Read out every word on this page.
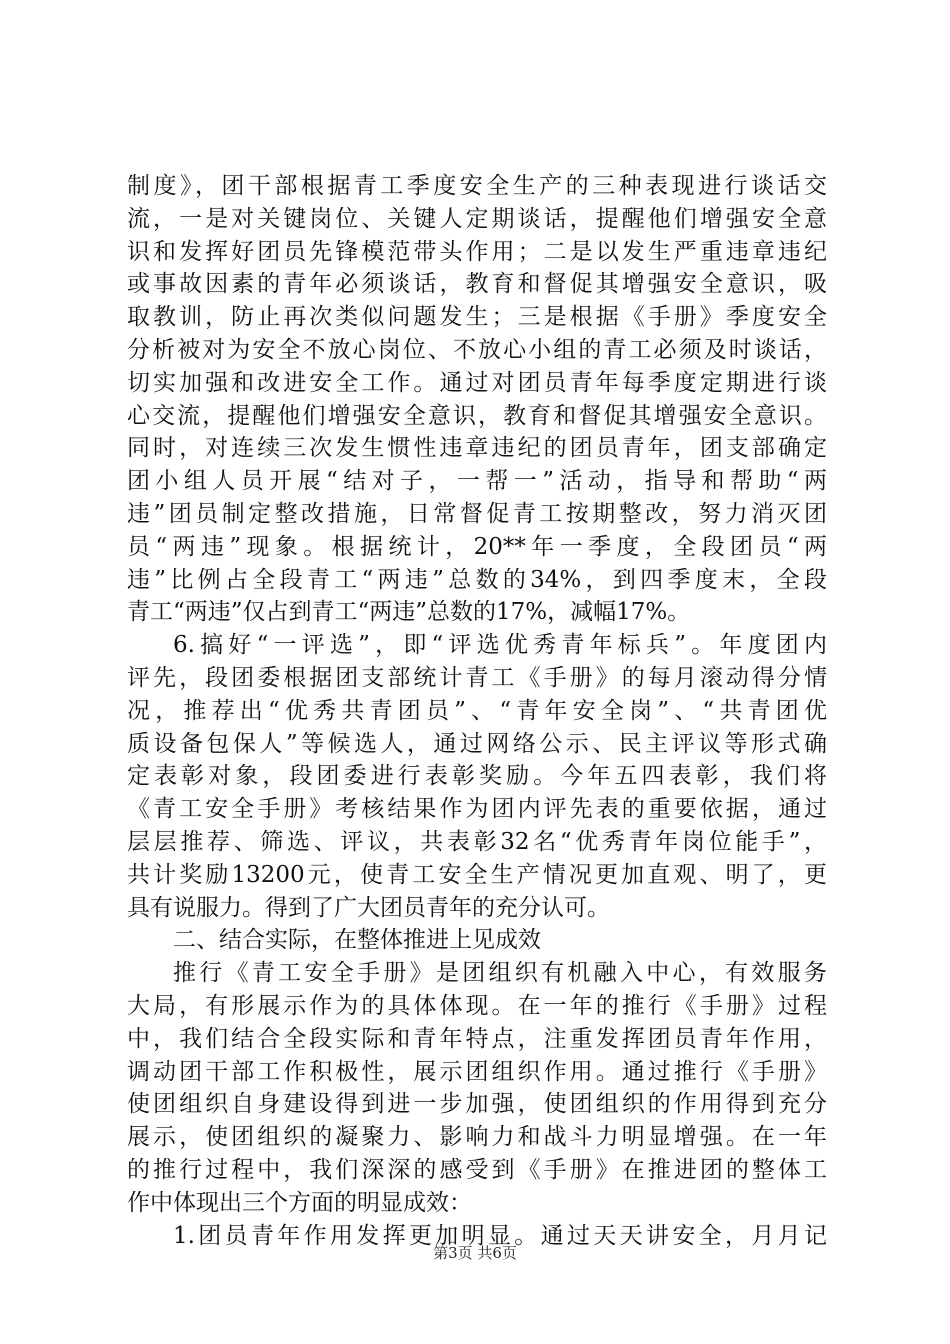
制度》，团干部根据青工季度安全生产的三种表现进行谈话交
流，一是对关键岗位、关键人定期谈话，提醒他们增强安全意
识和发挥好团员先锋模范带头作用；二是以发生严重违章违纪
或事故因素的青年必须谈话，教育和督促其增强安全意识，吸
取教训，防止再次类似问题发生；三是根据《手册》季度安全
分析被对为安全不放心岗位、不放心小组的青工必须及时谈话，
切实加强和改进安全工作。通过对团员青年每季度定期进行谈
心交流，提醒他们增强安全意识，教育和督促其增强安全意识。
同时，对连续三次发生惯性违章违纪的团员青年，团支部确定
团小组人员开展“结对子，一帮一”活动，指导和帮助“两
违”团员制定整改措施，日常督促青工按期整改，努力消灭团
员“两违”现象。根据统计，20**年一季度，全段团员“两
违”比例占全段青工“两违”总数的34%，到四季度末，全段
青工“两违”仅占到青工“两违”总数的17%，减幅17%。
6.搞好“一评选”，即“评选优秀青年标兵”。年度团内
评先，段团委根据团支部统计青工《手册》的每月滚动得分情
况，推荐出“优秀共青团员”、“青年安全岗”、“共青团优
质设备包保人”等候选人，通过网络公示、民主评议等形式确
定表彰对象，段团委进行表彰奖励。今年五四表彰，我们将
《青工安全手册》考核结果作为团内评先表的重要依据，通过
层层推荐、筛选、评议，共表彰32名“优秀青年岗位能手”，
共计奖励13200元，使青工安全生产情况更加直观、明了，更
具有说服力。得到了广大团员青年的充分认可。
二、结合实际，在整体推进上见成效
推行《青工安全手册》是团组织有机融入中心，有效服务
大局，有形展示作为的具体体现。在一年的推行《手册》过程
中，我们结合全段实际和青年特点，注重发挥团员青年作用，
调动团干部工作积极性，展示团组织作用。通过推行《手册》
使团组织自身建设得到进一步加强，使团组织的作用得到充分
展示，使团组织的凝聚力、影响力和战斗力明显增强。在一年
的推行过程中，我们深深的感受到《手册》在推进团的整体工
作中体现出三个方面的明显成效：
1.团员青年作用发挥更加明显。通过天天讲安全，月月记
第3页 共6页
